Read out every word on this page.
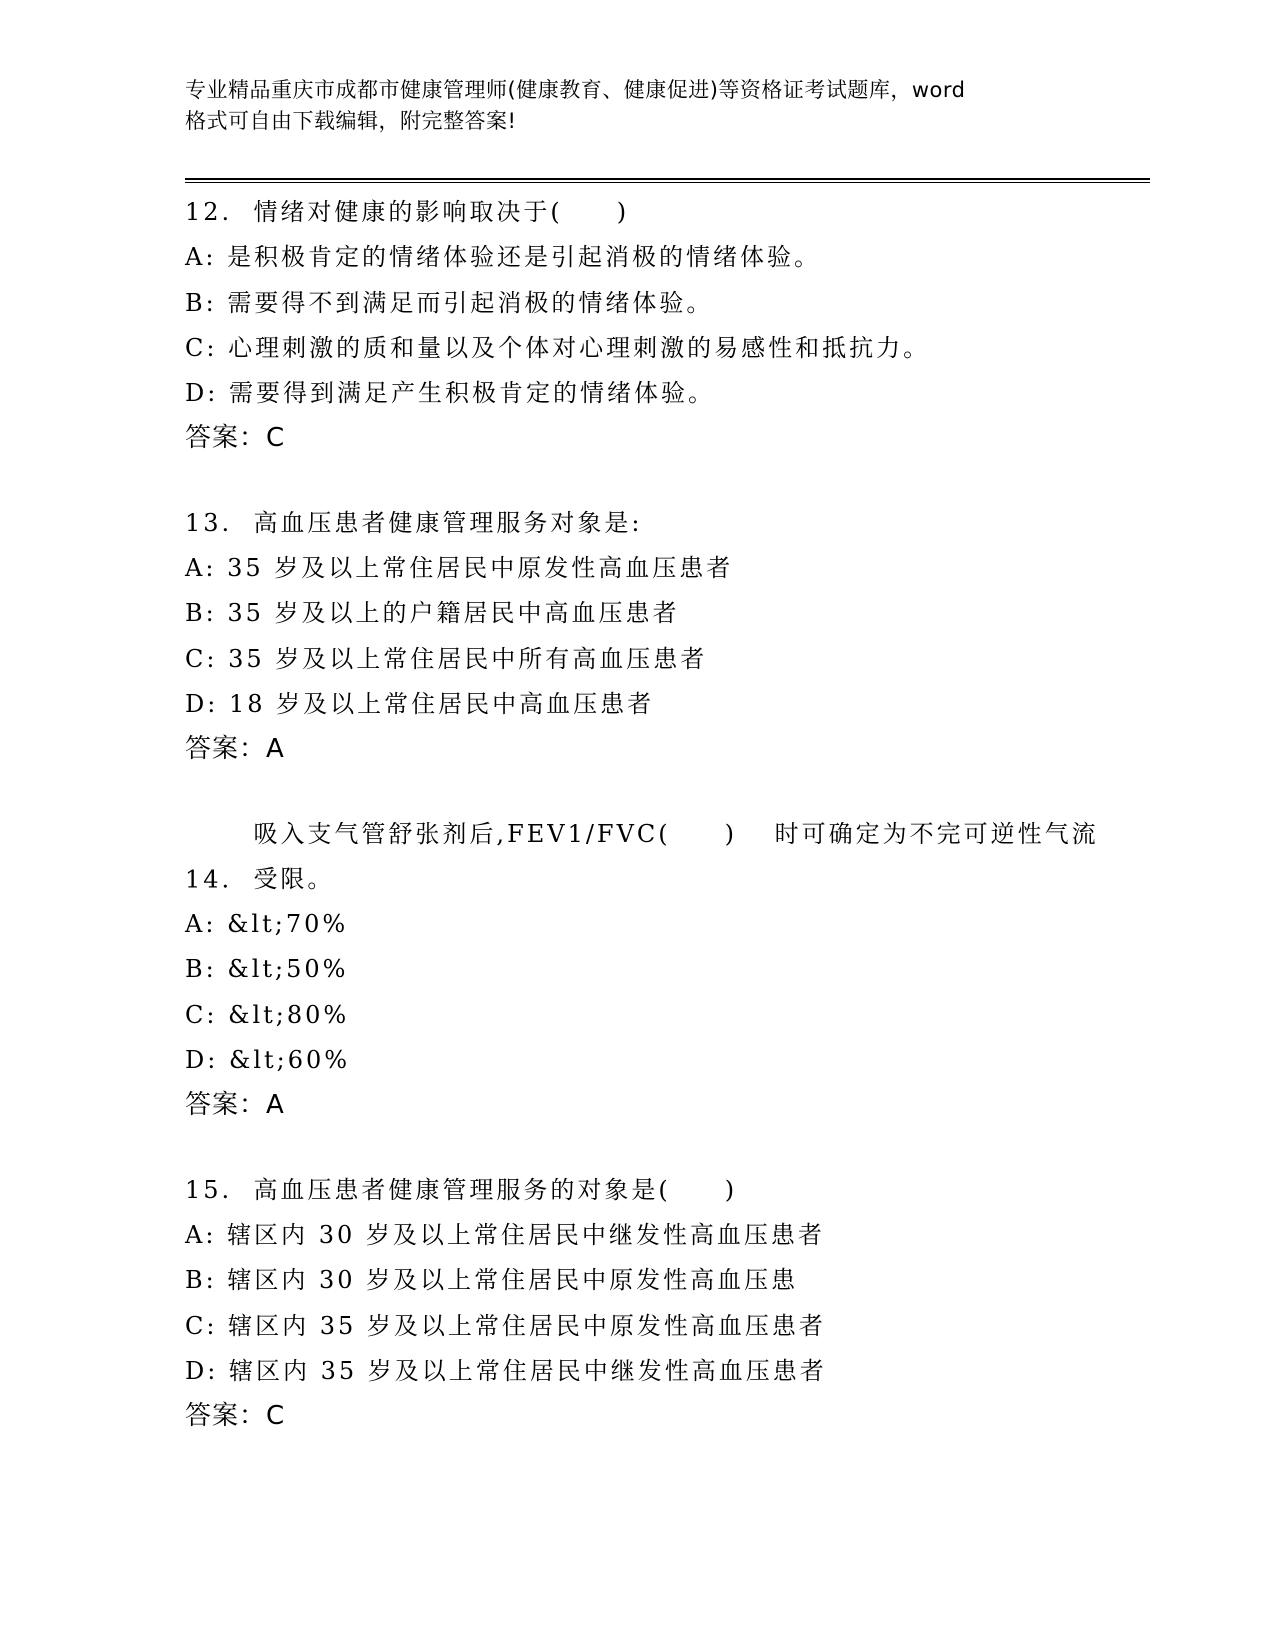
专业精品重庆市成都市健康管理师(健康教育、健康促进)等资格证考试题库，word
格式可自由下载编辑，附完整答案!
12. 情绪对健康的影响取决于(　　)
A: 是积极肯定的情绪体验还是引起消极的情绪体验。
B: 需要得不到满足而引起消极的情绪体验。
C: 心理刺激的质和量以及个体对心理刺激的易感性和抵抗力。
D: 需要得到满足产生积极肯定的情绪体验。
答案：C
13. 高血压患者健康管理服务对象是:
A: 35 岁及以上常住居民中原发性高血压患者
B: 35 岁及以上的户籍居民中高血压患者
C: 35 岁及以上常住居民中所有高血压患者
D: 18 岁及以上常住居民中高血压患者
答案：A
14.  吸入支气管舒张剂后,FEV1/FVC(　　)　 时可确定为不完可逆性气流受限。
A: &lt;70%
B: &lt;50%
C: &lt;80%
D: &lt;60%
答案：A
15. 高血压患者健康管理服务的对象是(　　)
A: 辖区内 30 岁及以上常住居民中继发性高血压患者
B: 辖区内 30 岁及以上常住居民中原发性高血压患
C: 辖区内 35 岁及以上常住居民中原发性高血压患者
D: 辖区内 35 岁及以上常住居民中继发性高血压患者
答案：C
